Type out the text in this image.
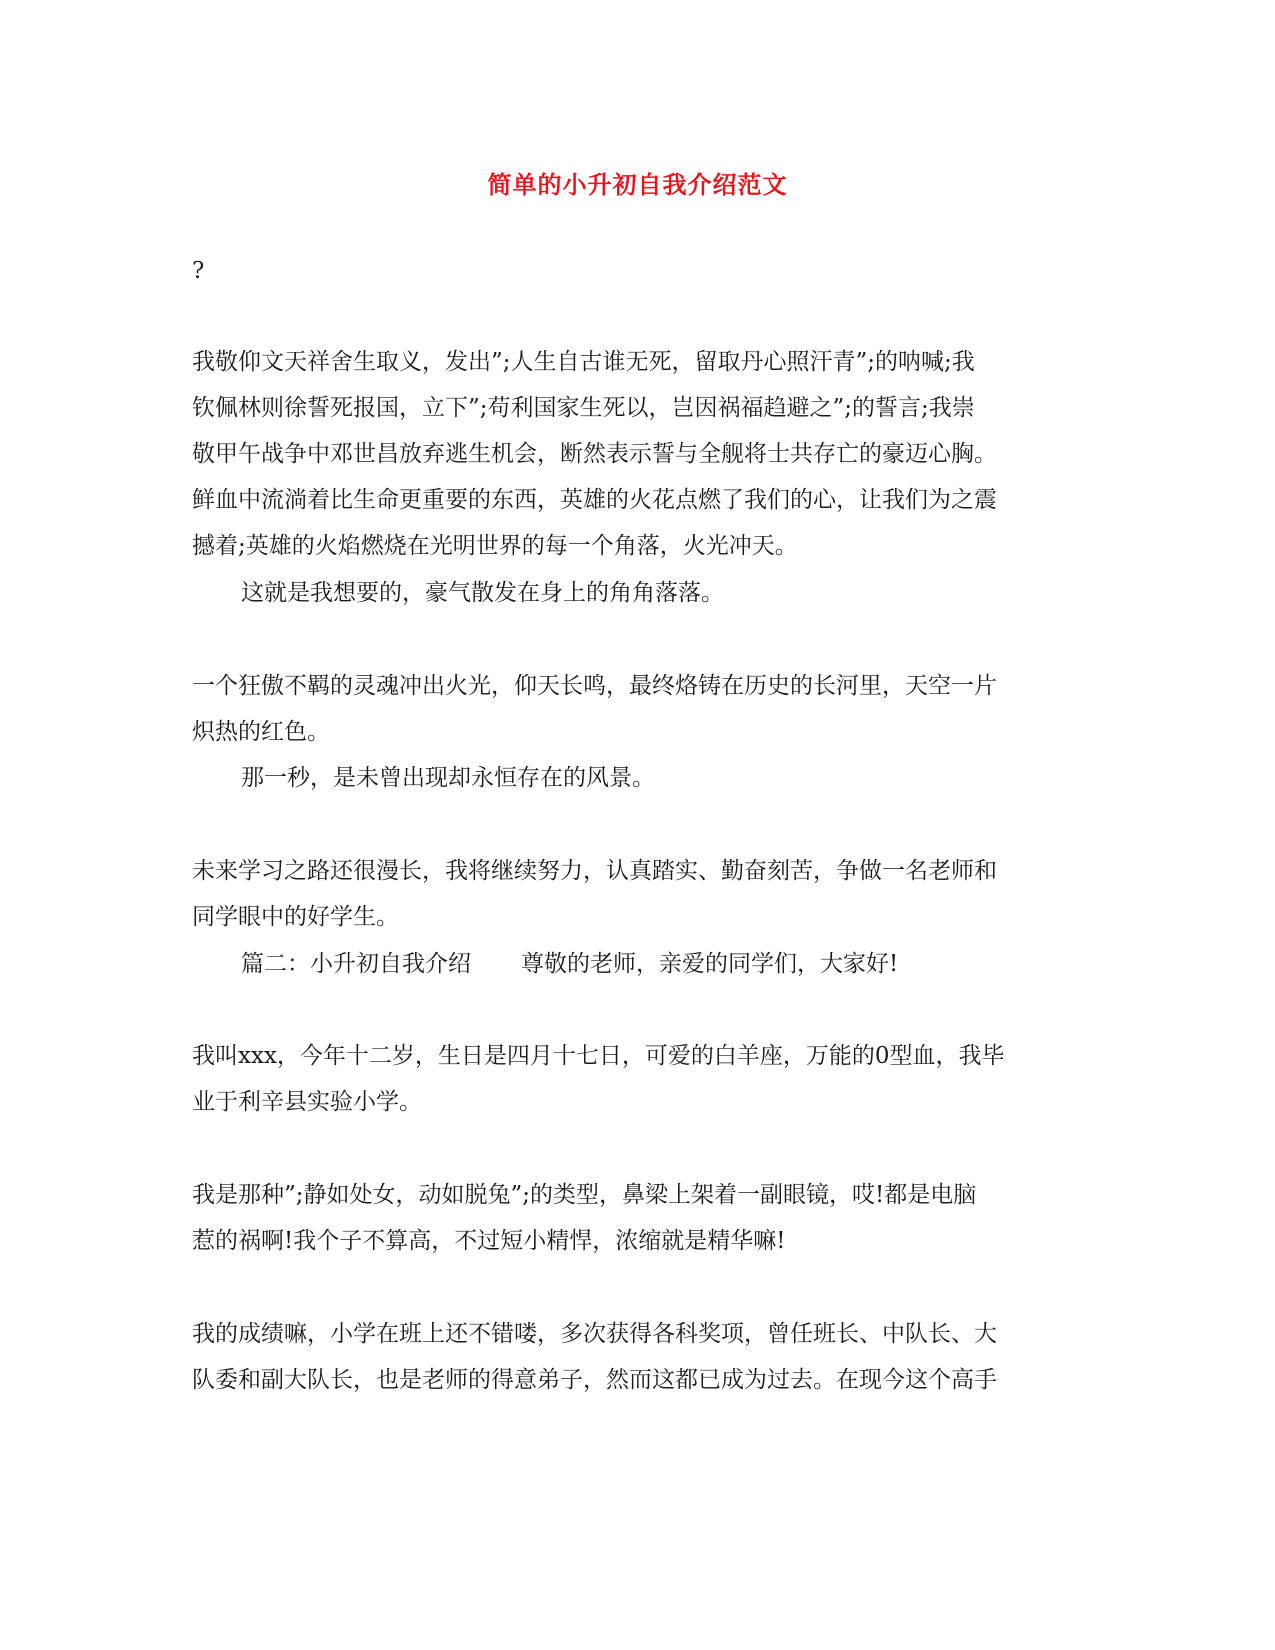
简单的小升初自我介绍范文
?
我敬仰文天祥舍生取义，发出”;人生自古谁无死，留取丹心照汗青”;的呐喊;我
钦佩林则徐誓死报国，立下”;苟利国家生死以，岂因祸福趋避之”;的誓言;我崇
敬甲午战争中邓世昌放弃逃生机会，断然表示誓与全舰将士共存亡的豪迈心胸。
鲜血中流淌着比生命更重要的东西，英雄的火花点燃了我们的心，让我们为之震
撼着;英雄的火焰燃烧在光明世界的每一个角落，火光冲天。
这就是我想要的，豪气散发在身上的角角落落。
一个狂傲不羁的灵魂冲出火光，仰天长鸣，最终烙铸在历史的长河里，天空一片
炽热的红色。
那一秒，是未曾出现却永恒存在的风景。
未来学习之路还很漫长，我将继续努力，认真踏实、勤奋刻苦，争做一名老师和
同学眼中的好学生。
篇二：小升初自我介绍 尊敬的老师，亲爱的同学们，大家好!
我叫xxx，今年十二岁，生日是四月十七日，可爱的白羊座，万能的0型血，我毕
业于利辛县实验小学。
我是那种”;静如处女，动如脱兔”;的类型，鼻梁上架着一副眼镜，哎!都是电脑
惹的祸啊!我个子不算高，不过短小精悍，浓缩就是精华嘛!
我的成绩嘛，小学在班上还不错喽，多次获得各科奖项，曾任班长、中队长、大
队委和副大队长，也是老师的得意弟子，然而这都已成为过去。在现今这个高手
